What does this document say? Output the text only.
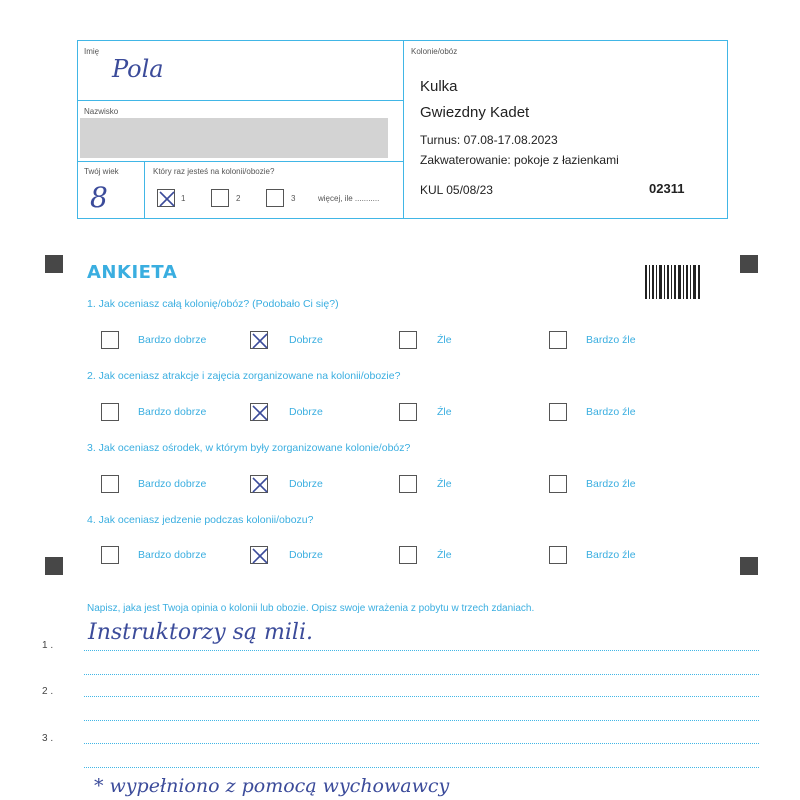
Imię
Pola
Nazwisko
Twój wiek
8
Który raz jesteś na kolonii/obozie?
1	2	3	więcej, ile ...........
Kolonie/obóz
Kulka
Gwiezdny Kadet
Turnus: 07.08-17.08.2023
Zakwaterowanie: pokoje z łazienkami
KUL 05/08/23	02311
ANKIETA
1. Jak oceniasz całą kolonię/obóz? (Podobało Ci się?)
Bardzo dobrze	Dobrze	Źle	Bardzo źle
2. Jak oceniasz atrakcje i zajęcia zorganizowane na kolonii/obozie?
Bardzo dobrze	Dobrze	Źle	Bardzo źle
3. Jak oceniasz ośrodek, w którym były zorganizowane kolonie/obóz?
Bardzo dobrze	Dobrze	Źle	Bardzo źle
4. Jak oceniasz jedzenie podczas kolonii/obozu?
Bardzo dobrze	Dobrze	Źle	Bardzo źle
Napisz, jaka jest Twoja opinia o kolonii lub obozie. Opisz swoje wrażenia z pobytu w trzech zdaniach.
1 .
Instruktorzy są mili.
2 .
3 .
* wypełniono z pomocą wychowawcy
